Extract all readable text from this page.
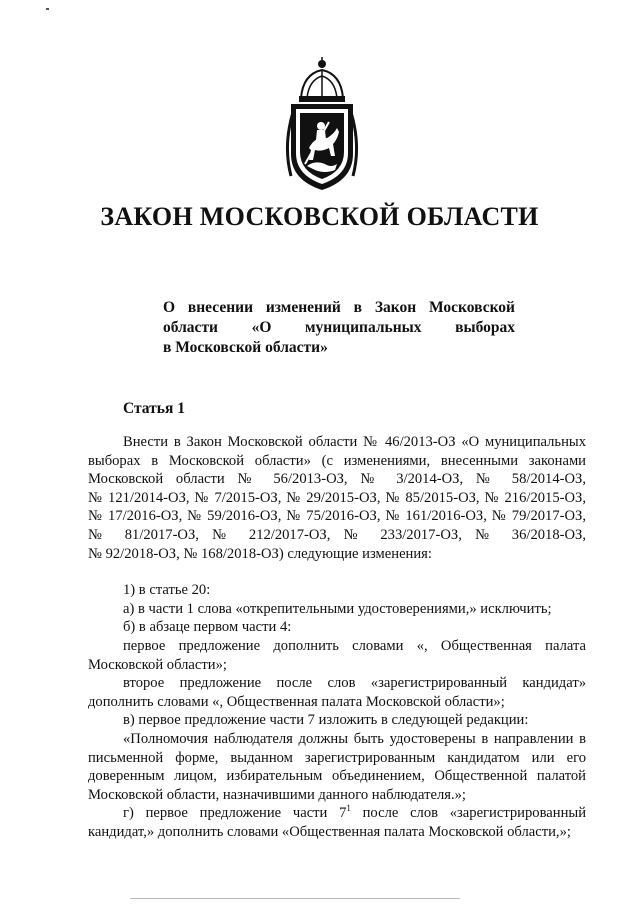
ЗАКОН МОСКОВСКОЙ ОБЛАСТИ
О внесении изменений в Закон Московской
области «О муниципальных выборах
в Московской области»
Статья 1
Внести в Закон Московской области № 46/2013-ОЗ «О муниципальных
выборах в Московской области» (с изменениями, внесенными законами
Московской области № 56/2013-ОЗ, № 3/2014-ОЗ, № 58/2014-ОЗ,
№ 121/2014-ОЗ, № 7/2015-ОЗ, № 29/2015-ОЗ, № 85/2015-ОЗ, № 216/2015-ОЗ,
№ 17/2016-ОЗ, № 59/2016-ОЗ, № 75/2016-ОЗ, № 161/2016-ОЗ, № 79/2017-ОЗ,
№ 81/2017-ОЗ, № 212/2017-ОЗ, № 233/2017-ОЗ, № 36/2018-ОЗ,
№ 92/2018-ОЗ, № 168/2018-ОЗ) следующие изменения:

1) в статье 20:

а) в части 1 слова «открепительными удостоверениями,» исключить;

б) в абзаце первом части 4:

первое предложение дополнить словами «, Общественная палата Московской области»;

второе предложение после слов «зарегистрированный кандидат» дополнить словами «, Общественная палата Московской области»;

в) первое предложение части 7 изложить в следующей редакции:

«Полномочия наблюдателя должны быть удостоверены в направлении в письменной форме, выданном зарегистрированным кандидатом или его доверенным лицом, избирательным объединением, Общественной палатой Московской области, назначившими данного наблюдателя.»;

г) первое предложение части $7^1$ после слов «зарегистрированный кандидат,» дополнить словами «Общественная палата Московской области,»;
